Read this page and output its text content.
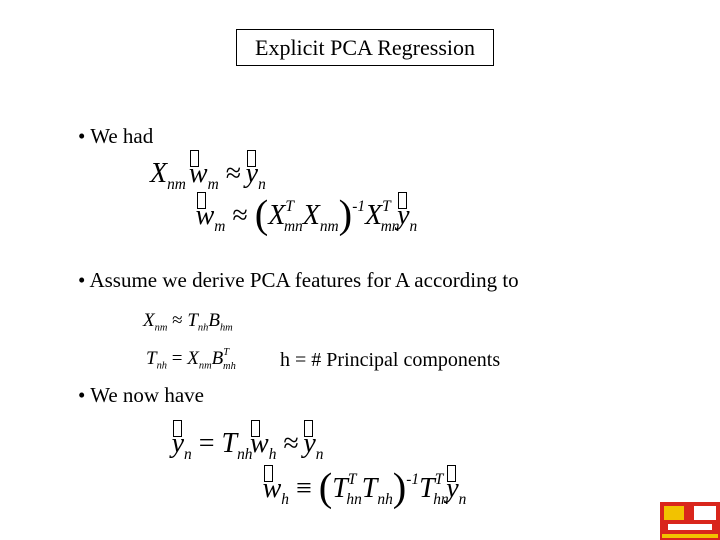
Explicit PCA Regression
• We had
$X_{nm}$ $w_m \approx y_n$
$w_m \approx (X^T_{mn}X_{nm})^{-1}X^T_{mn}y_n$
• Assume we derive PCA features for A according to
$X_{nm} \approx T_{nh}B_{hm}$
$T_{nh} = X_{nm}B^T_{mh}$ h = # Principal components
• We now have
$y_n = T_{nh}w_h \approx y_n$
$w_h \equiv (T^T_{hn}T_{nh})^{-1}T^T_{hn}y_n$
